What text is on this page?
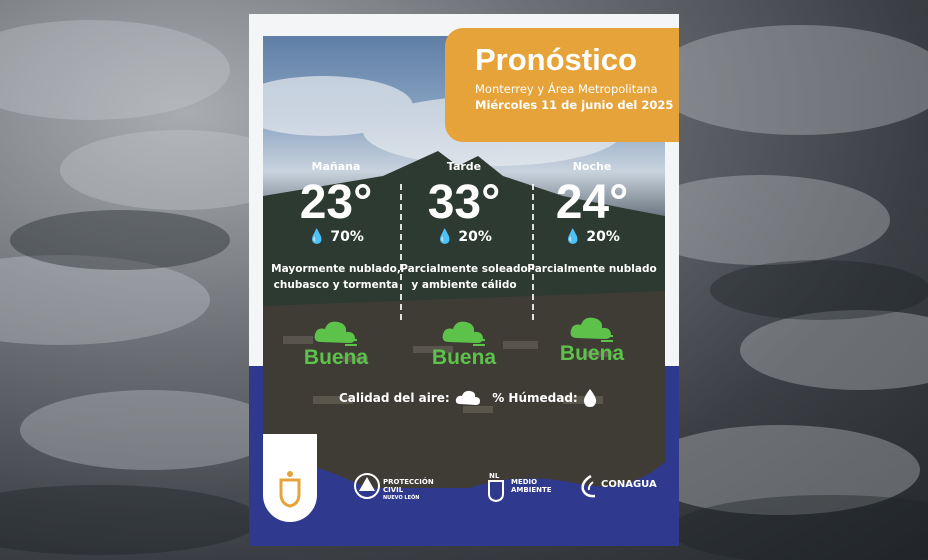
Pronóstico
Monterrey y Área Metropolitana
Miércoles 11 de junio del 2025
Mañana
23°
💧 70%
Mayormente nublado,
chubasco y tormenta
Tarde
33°
💧 20%
Parcialmente soleado
y ambiente cálido
Noche
24°
💧 20%
Parcialmente nublado
Buena	Buena	Buena
Calidad del aire:	% Húmedad:
PROTECCIÓN
CIVIL
NUEVO LEÓN
NL
MEDIO
AMBIENTE	CONAGUA
